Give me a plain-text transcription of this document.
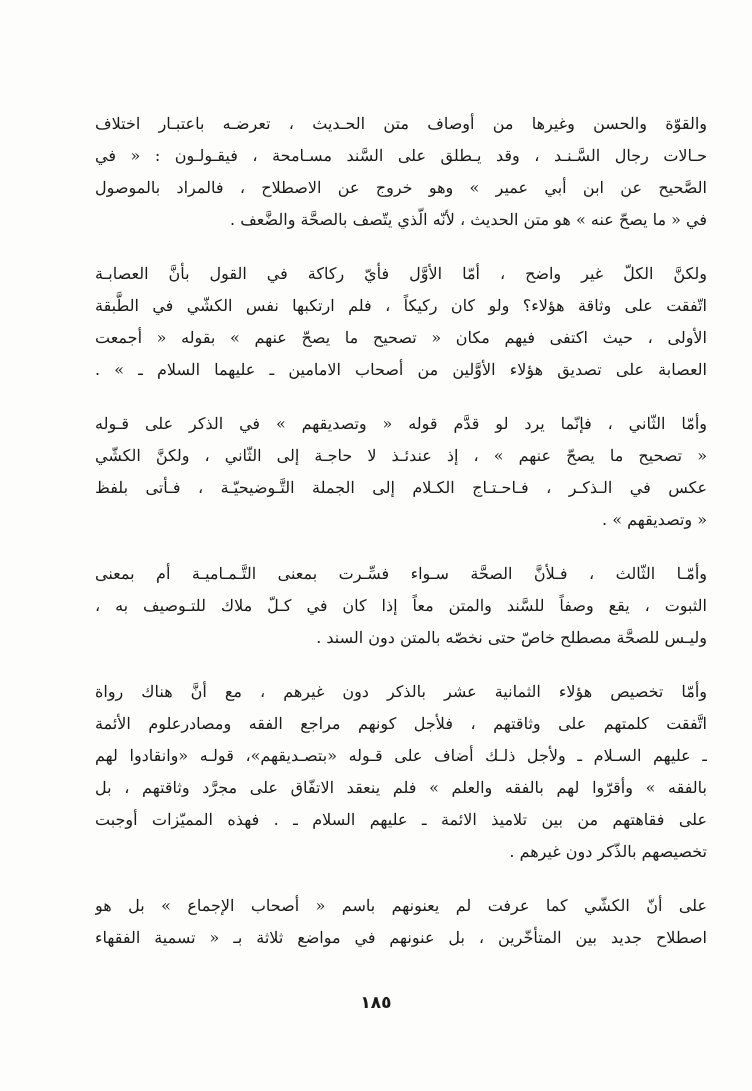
والقوّة والحسن وغيرها من أوصاف متن الحـديث ، تعرضـه باعتبـار اختلاف
حـالات رجال السَّـنـد ، وقد يـطلق على السَّند مسـامحة ، فيقـولـون : « في
الصَّحيح عن ابن أبي عمير » وهو خروج عن الاصطلاح ، فالمراد بالموصول
في « ما يصحّ عنه » هو متن الحديث ، لأنّه الّذي يتّصف بالصحَّة والضَّعف .

ولكنَّ الكلّ غير واضح ، أمّا الأوَّل فأيّ ركاكة في القول بأنَّ العصابـة
اتّفقت على وثاقة هؤلاء؟ ولو كان ركيكاً ، فلم ارتكبها نفس الكشّي في الطَّبقة
الأولى ، حيث اكتفى فيهم مكان « تصحيح ما يصحّ عنهم » بقوله « أجمعت
العصابة على تصديق هؤلاء الأوَّلين من أصحاب الامامين ـ عليهما السلام ـ » .

وأمّا الثّاني ، فإنّما يرد لو قدَّم قوله « وتصديقهم » في الذكر على قـوله
« تصحيح ما يصحّ عنهم » ، إذ عندئـذ لا حاجـة إلى الثّاني ، ولكنَّ الكشّي
عكس في الـذكـر ، فـاحـتـاج الكـلام إلى الجملة التَّـوضيحيّـة ، فـأتى بلفظ
« وتصديقهم » .

وأمّـا الثّالث ، فـلأنَّ الصحَّة سـواء فسِّـرت بمعنى التَّـمـاميـة أم بمعنى
الثبوت ، يقع وصفاً للسَّند والمتن معاً إذا كان في كـلّ ملاك للتـوصيف به ،
وليـس للصحَّة مصطلح خاصّ حتى نخصّه بالمتن دون السند .

وأمّا تخصيص هؤلاء الثمانية عشر بالذكر دون غيرهم ، مع أنَّ هناك رواة
اتَّفقت كلمتهم على وثاقتهم ، فلأجل كونهم مراجع الفقه ومصادرعلوم الأئمة
ـ عليهم السـلام ـ ولأجل ذلـك أضاف على قـوله «بتصـديقهم»، قولـه «وانقادوا لهم
بالفقه » وأقرّوا لهم بالفقه والعلم » فلم ينعقد الاتفّاق على مجرَّد وثاقتهم ، بل
على فقاهتهم من بين تلاميذ الائمة ـ عليهم السلام ـ . فهذه المميّزات أوجبت
تخصيصهم بالذّكر دون غيرهم .

على أنّ الكشّي كما عرفت لم يعنونهم باسم « أصحاب الإجماع » بل هو
اصطلاح جديد بين المتأخّرين ، بل عنونهم في مواضع ثلاثة بـ « تسمية الفقهاء

١٨٥
